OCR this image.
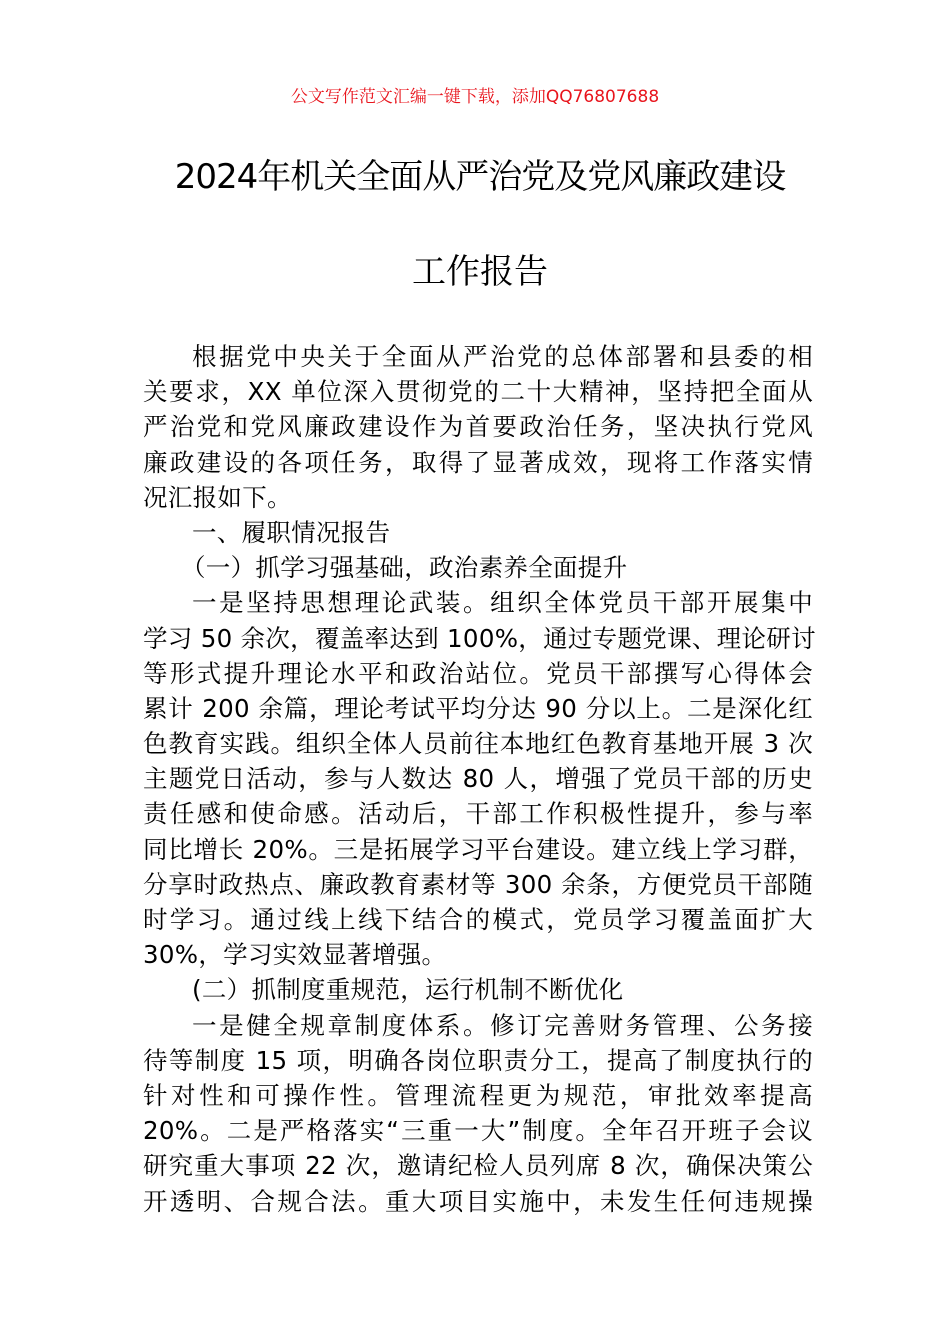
公文写作范文汇编一键下载，添加QQ76807688
2024年机关全面从严治党及党风廉政建设
工作报告
根据党中央关于全面从严治党的总体部署和县委的相
关要求，XX 单位深入贯彻党的二十大精神，坚持把全面从
严治党和党风廉政建设作为首要政治任务，坚决执行党风
廉政建设的各项任务，取得了显著成效，现将工作落实情
况汇报如下。
一、履职情况报告
（一）抓学习强基础，政治素养全面提升
一是坚持思想理论武装。组织全体党员干部开展集中
学习 50 余次，覆盖率达到 100%，通过专题党课、理论研讨
等形式提升理论水平和政治站位。党员干部撰写心得体会
累计 200 余篇，理论考试平均分达 90 分以上。二是深化红
色教育实践。组织全体人员前往本地红色教育基地开展 3 次
主题党日活动，参与人数达 80 人，增强了党员干部的历史
责任感和使命感。活动后，干部工作积极性提升，参与率
同比增长 20%。三是拓展学习平台建设。建立线上学习群，
分享时政热点、廉政教育素材等 300 余条，方便党员干部随
时学习。通过线上线下结合的模式，党员学习覆盖面扩大
30%，学习实效显著增强。
(二）抓制度重规范，运行机制不断优化
一是健全规章制度体系。修订完善财务管理、公务接
待等制度 15 项，明确各岗位职责分工，提高了制度执行的
针对性和可操作性。管理流程更为规范，审批效率提高
20%。二是严格落实“三重一大”制度。全年召开班子会议
研究重大事项 22 次，邀请纪检人员列席 8 次，确保决策公
开透明、合规合法。重大项目实施中，未发生任何违规操
